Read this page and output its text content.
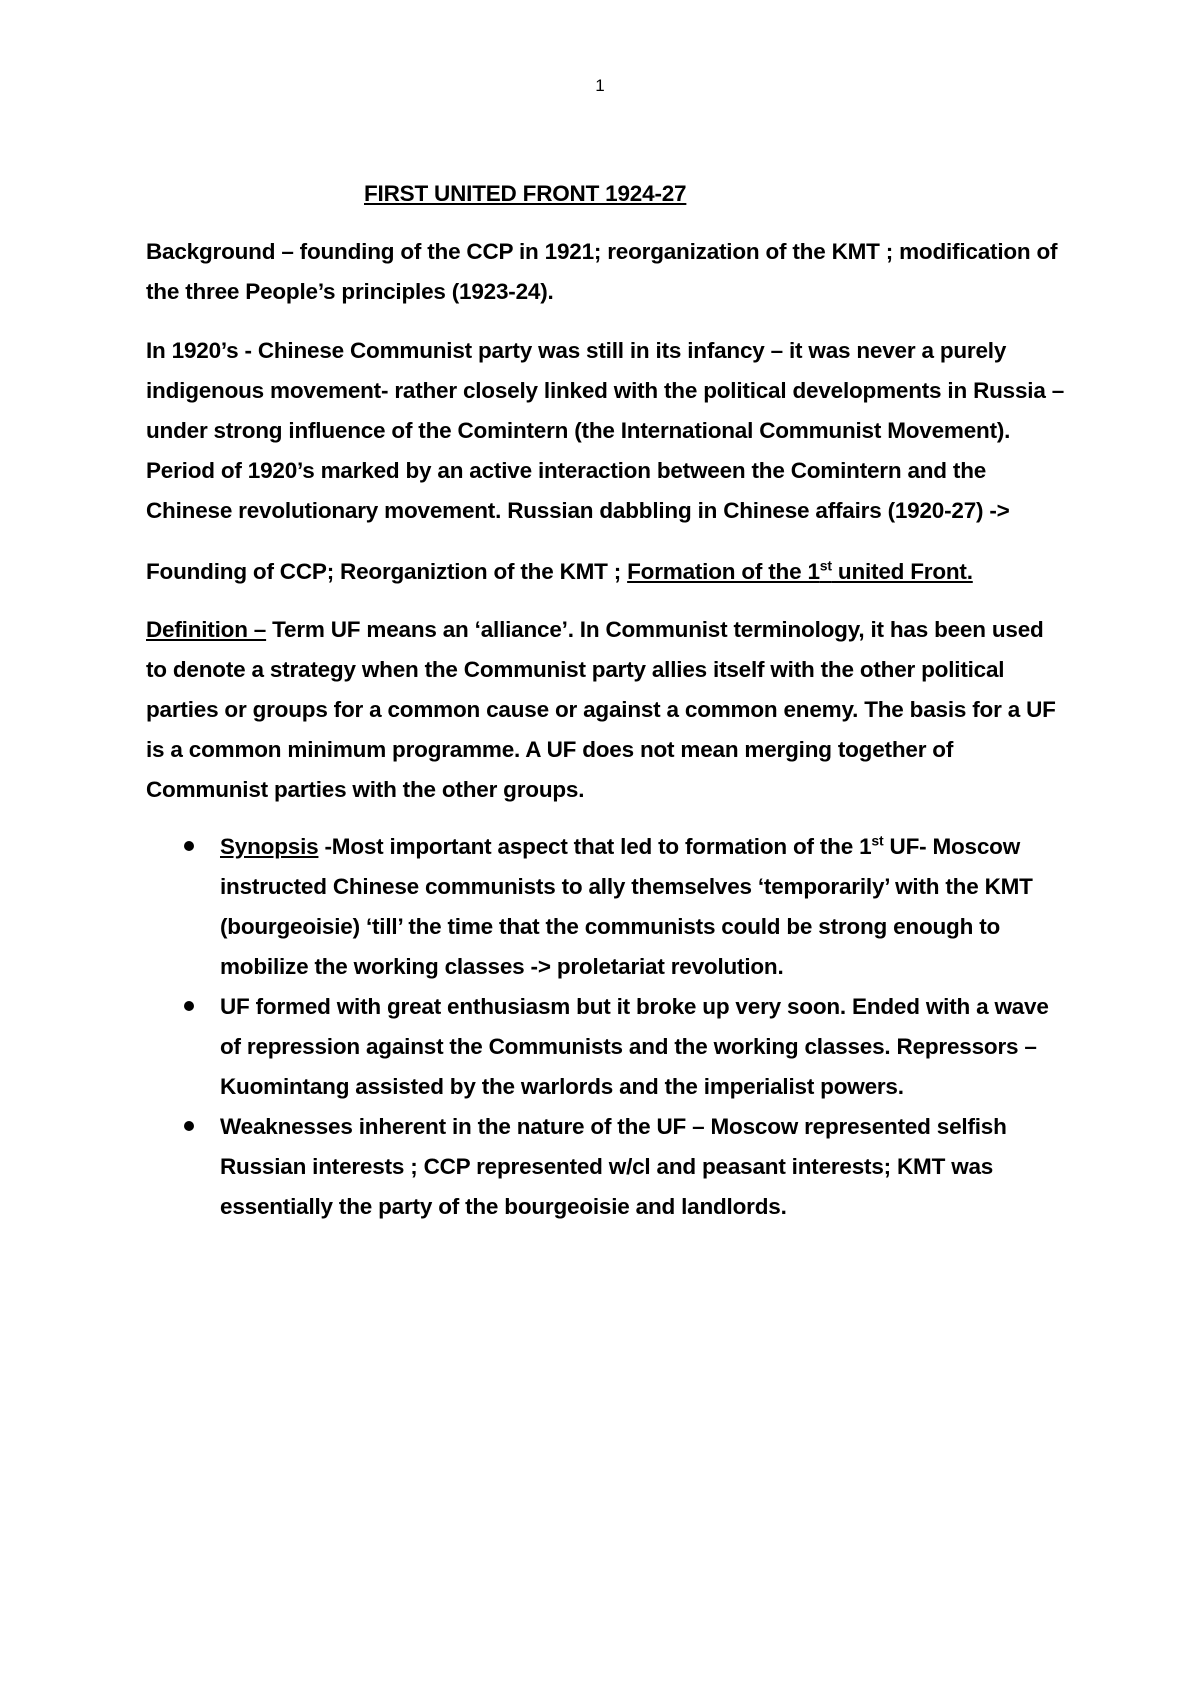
1

FIRST UNITED FRONT 1924-27

Background – founding of the CCP in 1921; reorganization of the KMT ; modification of the three People’s principles (1923-24).

In 1920’s - Chinese Communist party was still in its infancy – it was never a purely indigenous movement- rather closely linked with the political developments in Russia – under strong influence of the Comintern (the International Communist Movement). Period of 1920’s marked by an active interaction between the Comintern and the Chinese revolutionary movement. Russian dabbling in Chinese affairs (1920-27) ->

Founding of CCP; Reorganiztion of the KMT ; Formation of the 1st united Front.

Definition – Term UF means an ‘alliance’. In Communist terminology, it has been used to denote a strategy when the Communist party allies itself with the other political parties or groups for a common cause or against a common enemy. The basis for a UF is a common minimum programme. A UF does not mean merging together of Communist parties with the other groups.

Synopsis -Most important aspect that led to formation of the 1st UF- Moscow instructed Chinese communists to ally themselves ‘temporarily’ with the KMT (bourgeoisie) ‘till’ the time that the communists could be strong enough to mobilize the working classes -> proletariat revolution.
UF formed with great enthusiasm but it broke up very soon. Ended with a wave of repression against the Communists and the working classes. Repressors – Kuomintang assisted by the warlords and the imperialist powers.
Weaknesses inherent in the nature of the UF – Moscow represented selfish Russian interests ; CCP represented w/cl and peasant interests; KMT was essentially the party of the bourgeoisie and landlords.
